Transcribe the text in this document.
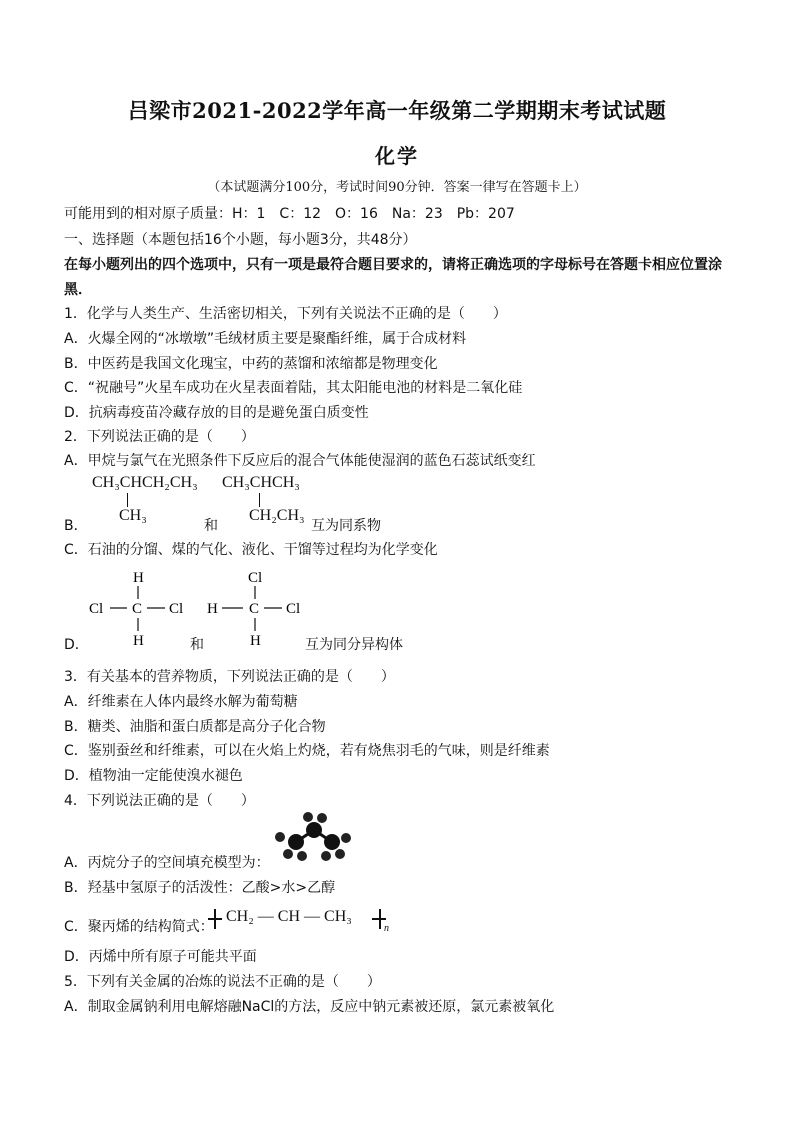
吕梁市2021-2022学年高一年级第二学期期末考试试题
化学
（本试题满分100分，考试时间90分钟．答案一律写在答题卡上）
可能用到的相对原子质量：H：1　C：12　O：16　Na：23　Pb：207
一、选择题（本题包括16个小题，每小题3分，共48分）
在每小题列出的四个选项中，只有一项是最符合题目要求的，请将正确选项的字母标号在答题卡相应位置涂
黑．
1．化学与人类生产、生活密切相关，下列有关说法不正确的是（　　）
A．火爆全网的“冰墩墩”毛绒材质主要是聚酯纤维，属于合成材料
B．中医药是我国文化瑰宝，中药的蒸馏和浓缩都是物理变化
C．“祝融号”火星车成功在火星表面着陆，其太阳能电池的材料是二氧化硅
D．抗病毒疫苗冷藏存放的目的是避免蛋白质变性
2．下列说法正确的是（　　）
A．甲烷与氯气在光照条件下反应后的混合气体能使湿润的蓝色石蕊试纸变红
CH₃CHCH₂CH₃
CH₃
B．	和
CH₃CHCH₃
CH₂CH₃
互为同系物
C．石油的分馏、煤的气化、液化、干馏等过程均为化学变化
H
Cl C Cl
H
Cl
H C Cl
H
D．	和	互为同分异构体
3．有关基本的营养物质，下列说法正确的是（　　）
A．纤维素在人体内最终水解为葡萄糖
B．糖类、油脂和蛋白质都是高分子化合物
C．鉴别蚕丝和纤维素，可以在火焰上灼烧，若有烧焦羽毛的气味，则是纤维素
D．植物油一定能使溴水褪色
4．下列说法正确的是（　　）
A．丙烷分子的空间填充模型为：
B．羟基中氢原子的活泼性：乙酸>水>乙醇
C．聚丙烯的结构简式：
CH₂ — CH — CH₃
n
D．丙烯中所有原子可能共平面
5．下列有关金属的冶炼的说法不正确的是（　　）
A．制取金属钠利用电解熔融NaCl的方法，反应中钠元素被还原，氯元素被氧化
